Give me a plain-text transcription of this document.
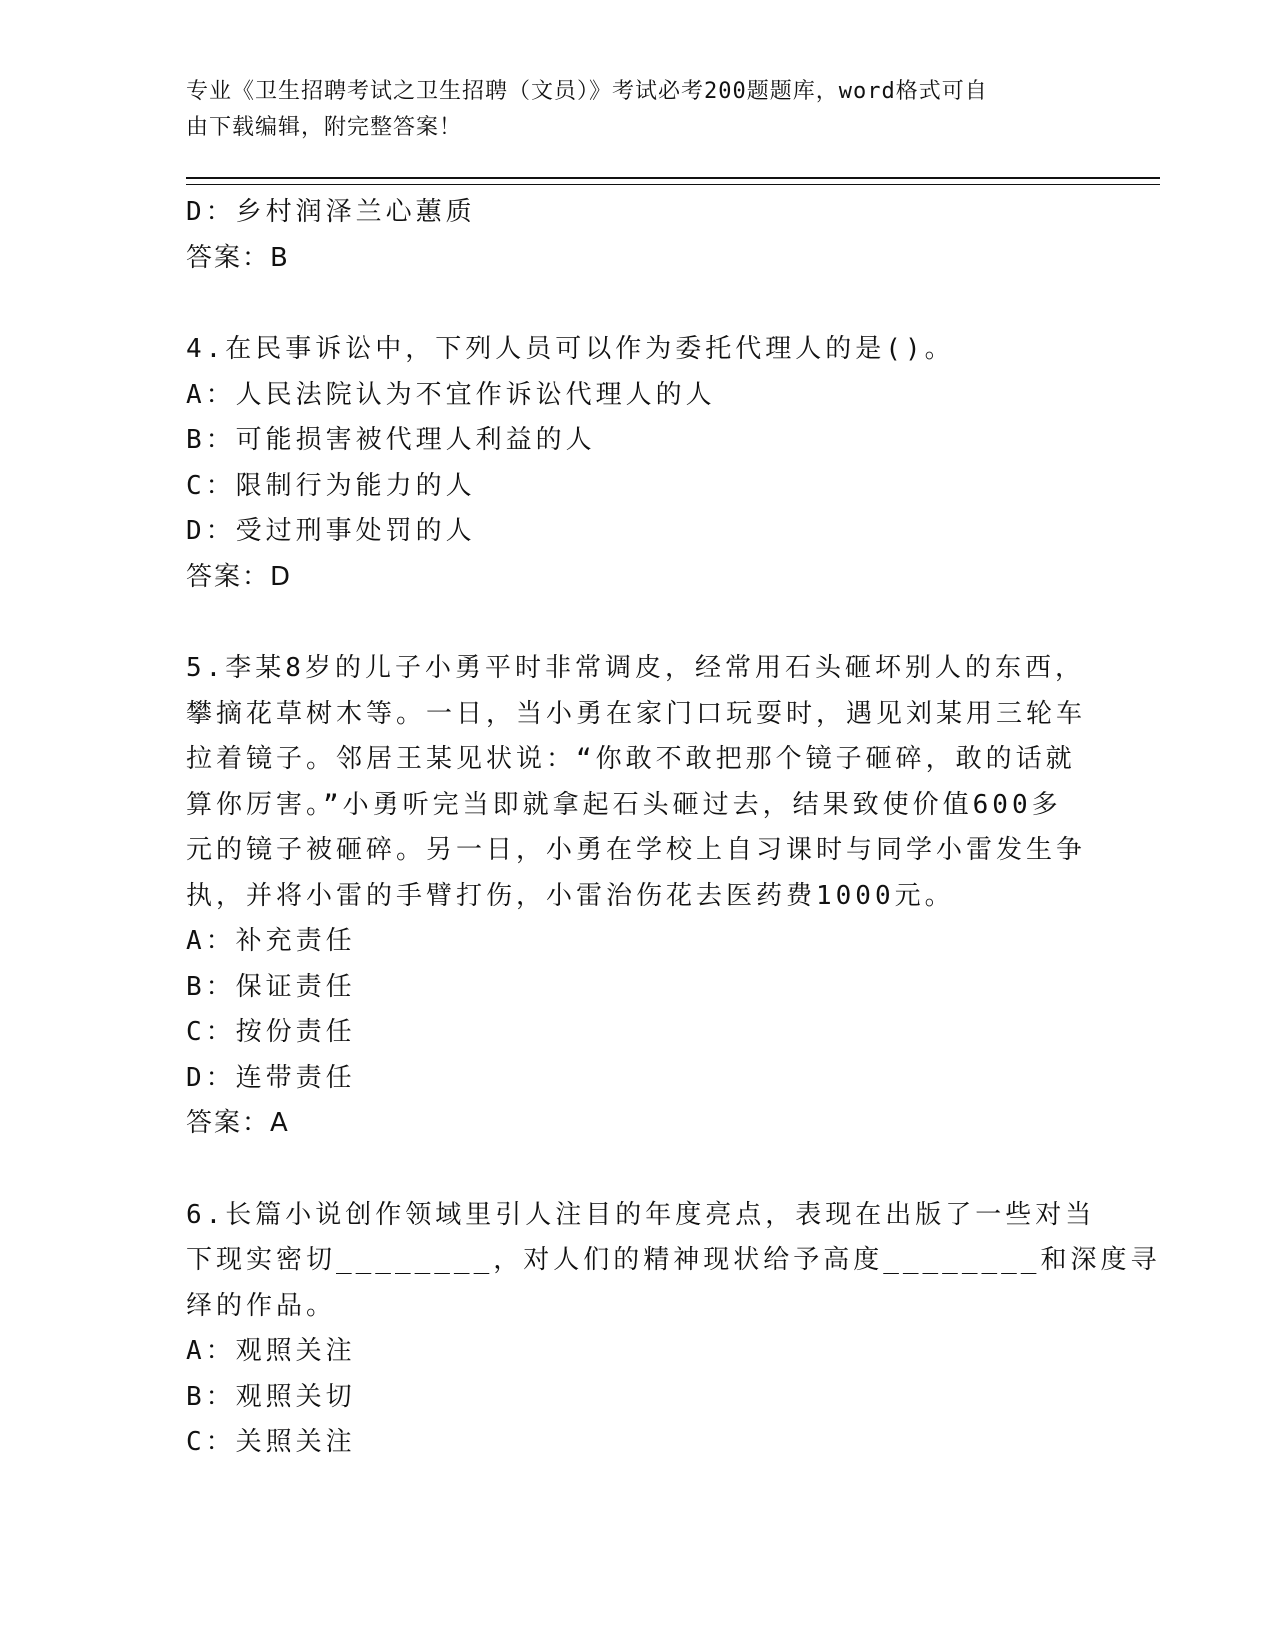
专业《卫生招聘考试之卫生招聘（文员）》考试必考200题题库，word格式可自
由下载编辑，附完整答案！
D：乡村润泽兰心蕙质
答案：B
4.在民事诉讼中，下列人员可以作为委托代理人的是()。
A：人民法院认为不宜作诉讼代理人的人
B：可能损害被代理人利益的人
C：限制行为能力的人
D：受过刑事处罚的人
答案：D
5.李某8岁的儿子小勇平时非常调皮，经常用石头砸坏别人的东西，
攀摘花草树木等。一日，当小勇在家门口玩耍时，遇见刘某用三轮车
拉着镜子。邻居王某见状说：“你敢不敢把那个镜子砸碎，敢的话就
算你厉害。”小勇听完当即就拿起石头砸过去，结果致使价值600多
元的镜子被砸碎。另一日，小勇在学校上自习课时与同学小雷发生争
执，并将小雷的手臂打伤，小雷治伤花去医药费1000元。
A：补充责任
B：保证责任
C：按份责任
D：连带责任
答案：A
6.长篇小说创作领域里引人注目的年度亮点，表现在出版了一些对当
下现实密切________，对人们的精神现状给予高度________和深度寻
绎的作品。
A：观照关注
B：观照关切
C：关照关注
